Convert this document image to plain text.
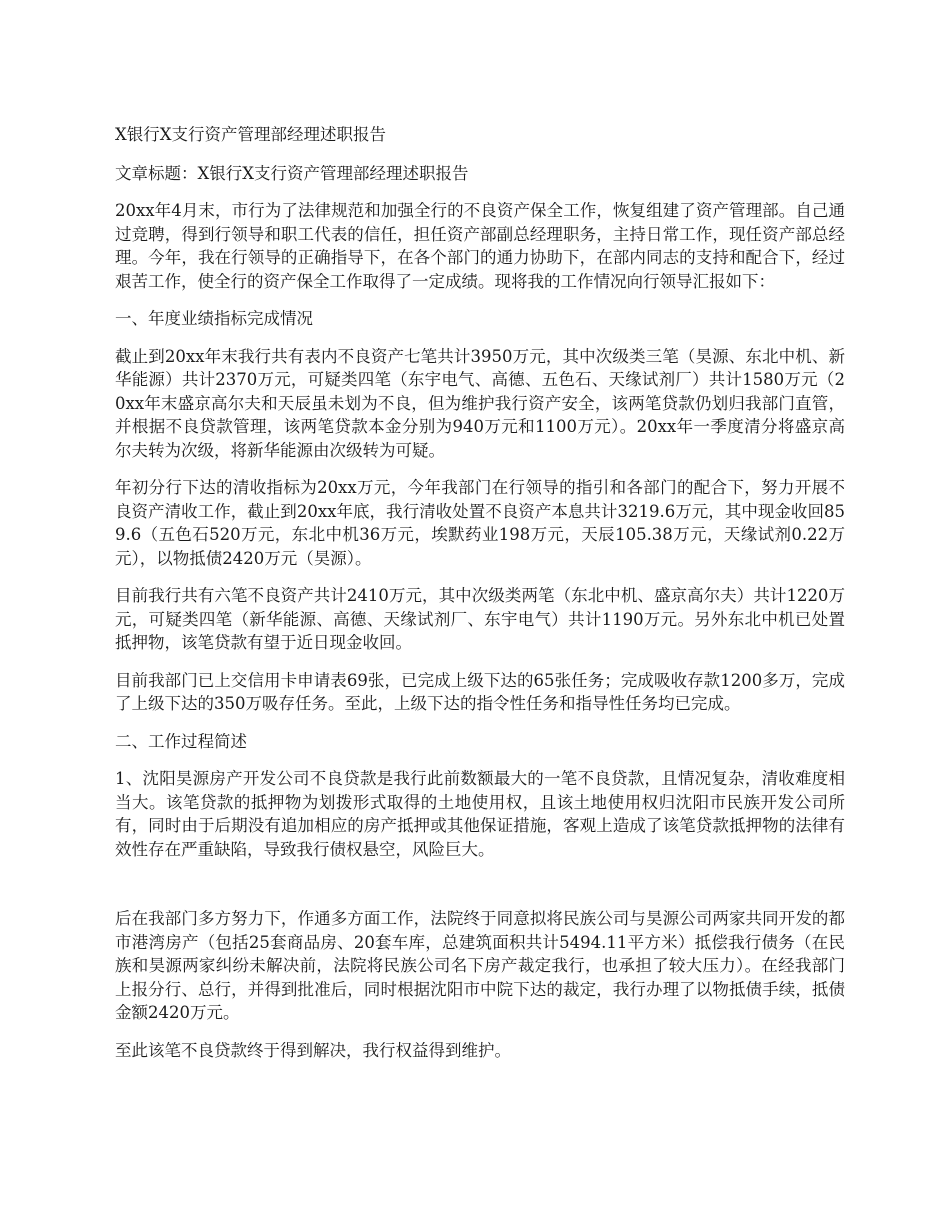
X银行X支行资产管理部经理述职报告

文章标题：X银行X支行资产管理部经理述职报告

20xx年4月末，市行为了法律规范和加强全行的不良资产保全工作，恢复组建了资产管理部。自己通过竞聘，得到行领导和职工代表的信任，担任资产部副总经理职务，主持日常工作，现任资产部总经理。今年，我在行领导的正确指导下，在各个部门的通力协助下，在部内同志的支持和配合下，经过艰苦工作，使全行的资产保全工作取得了一定成绩。现将我的工作情况向行领导汇报如下：

一、年度业绩指标完成情况

截止到20xx年末我行共有表内不良资产七笔共计3950万元，其中次级类三笔（昊源、东北中机、新华能源）共计2370万元，可疑类四笔（东宇电气、高德、五色石、天缘试剂厂）共计1580万元（20xx年末盛京高尔夫和天辰虽未划为不良，但为维护我行资产安全，该两笔贷款仍划归我部门直管，并根据不良贷款管理，该两笔贷款本金分别为940万元和1100万元）。20xx年一季度清分将盛京高尔夫转为次级，将新华能源由次级转为可疑。

年初分行下达的清收指标为20xx万元，今年我部门在行领导的指引和各部门的配合下，努力开展不良资产清收工作，截止到20xx年底，我行清收处置不良资产本息共计3219.6万元，其中现金收回859.6（五色石520万元，东北中机36万元，埃默药业198万元，天辰105.38万元，天缘试剂0.22万元），以物抵债2420万元（昊源）。

目前我行共有六笔不良资产共计2410万元，其中次级类两笔（东北中机、盛京高尔夫）共计1220万元，可疑类四笔（新华能源、高德、天缘试剂厂、东宇电气）共计1190万元。另外东北中机已处置抵押物，该笔贷款有望于近日现金收回。

目前我部门已上交信用卡申请表69张，已完成上级下达的65张任务；完成吸收存款1200多万，完成了上级下达的350万吸存任务。至此，上级下达的指令性任务和指导性任务均已完成。

二、工作过程简述

1、沈阳昊源房产开发公司不良贷款是我行此前数额最大的一笔不良贷款，且情况复杂，清收难度相当大。该笔贷款的抵押物为划拨形式取得的土地使用权，且该土地使用权归沈阳市民族开发公司所有，同时由于后期没有追加相应的房产抵押或其他保证措施，客观上造成了该笔贷款抵押物的法律有效性存在严重缺陷，导致我行债权悬空，风险巨大。

后在我部门多方努力下，作通多方面工作，法院终于同意拟将民族公司与昊源公司两家共同开发的都市港湾房产（包括25套商品房、20套车库，总建筑面积共计5494.11平方米）抵偿我行债务（在民族和昊源两家纠纷未解决前，法院将民族公司名下房产裁定我行，也承担了较大压力）。在经我部门上报分行、总行，并得到批准后，同时根据沈阳市中院下达的裁定，我行办理了以物抵债手续，抵债金额2420万元。

至此该笔不良贷款终于得到解决，我行权益得到维护。
